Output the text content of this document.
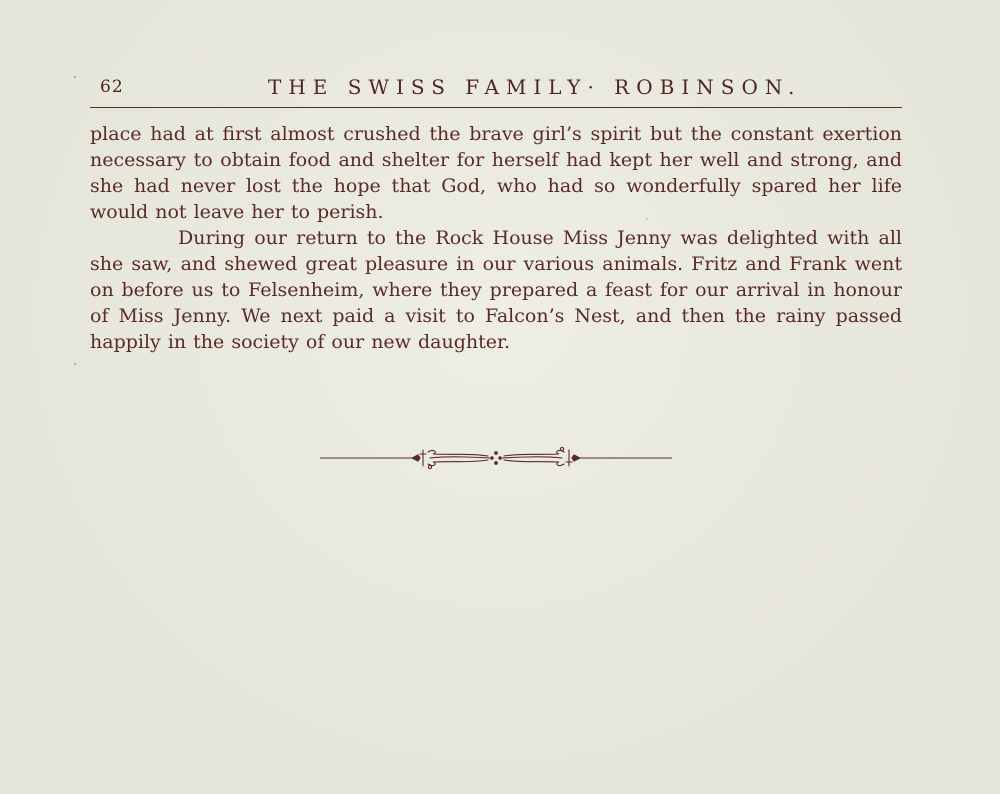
62	THE SWISS FAMILY· ROBINSON.

place had at first almost crushed the brave girl’s spirit but the constant exertion necessary to obtain food and shelter for herself had kept her well and strong, and she had never lost the hope that God, who had so wonderfully spared her life would not leave her to perish.

During our return to the Rock House Miss Jenny was delighted with all she saw, and shewed great pleasure in our various animals. Fritz and Frank went on before us to Felsenheim, where they prepared a feast for our arrival in honour of Miss Jenny. We next paid a visit to Falcon’s Nest, and then the rainy passed happily in the society of our new daughter.
